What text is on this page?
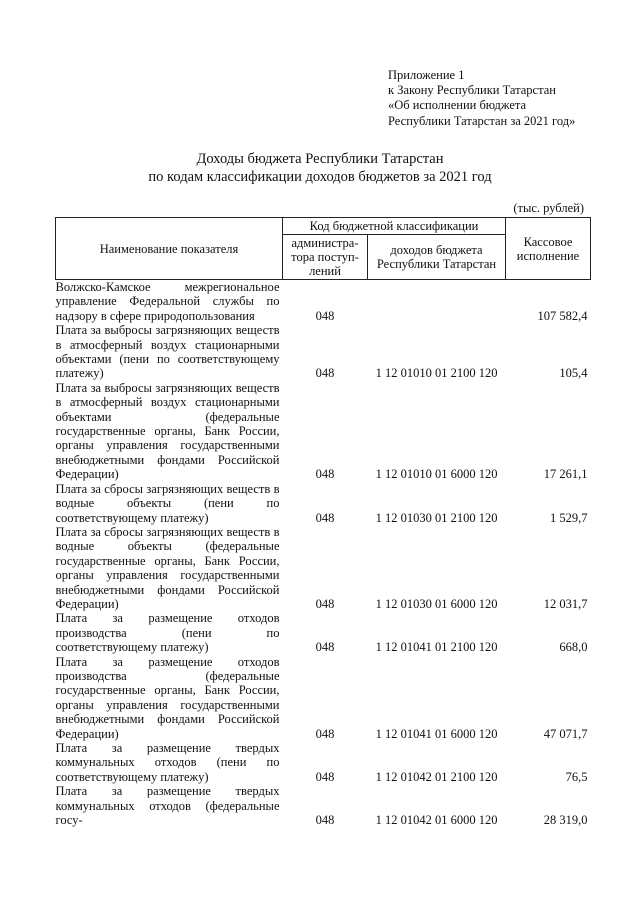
Приложение 1
к Закону Республики Татарстан
«Об исполнении бюджета
Республики Татарстан за 2021 год»
Доходы бюджета Республики Татарстан
по кодам классификации доходов бюджетов за 2021 год
(тыс. рублей)
Наименование показателя	Код бюджетной классификации		Кассовое исполнение
	администра-тора поступ-лений	доходов бюджета Республики Татарстан	
Волжско-Камское межрегиональное управление Федеральной службы по надзору в сфере природопользования	048		107 582,4
Плата за выбросы загрязняющих веществ в атмосферный воздух стационарными объектами (пени по соответствующему платежу)	048	1 12 01010 01 2100 120	105,4
Плата за выбросы загрязняющих веществ в атмосферный воздух стационарными объектами (федеральные государственные органы, Банк России, органы управления государственными внебюджетными фондами Российской Федерации)	048	1 12 01010 01 6000 120	17 261,1
Плата за сбросы загрязняющих веществ в водные объекты (пени по соответствующему платежу)	048	1 12 01030 01 2100 120	1 529,7
Плата за сбросы загрязняющих веществ в водные объекты (федеральные государственные органы, Банк России, органы управления государственными внебюджетными фондами Российской Федерации)	048	1 12 01030 01 6000 120	12 031,7
Плата за размещение отходов производства (пени по соответствующему платежу)	048	1 12 01041 01 2100 120	668,0
Плата за размещение отходов производства (федеральные государственные органы, Банк России, органы управления государственными внебюджетными фондами Российской Федерации)	048	1 12 01041 01 6000 120	47 071,7
Плата за размещение твердых коммунальных отходов (пени по соответствующему платежу)	048	1 12 01042 01 2100 120	76,5
Плата за размещение твердых коммунальных отходов (федеральные госу-	048	1 12 01042 01 6000 120	28 319,0
